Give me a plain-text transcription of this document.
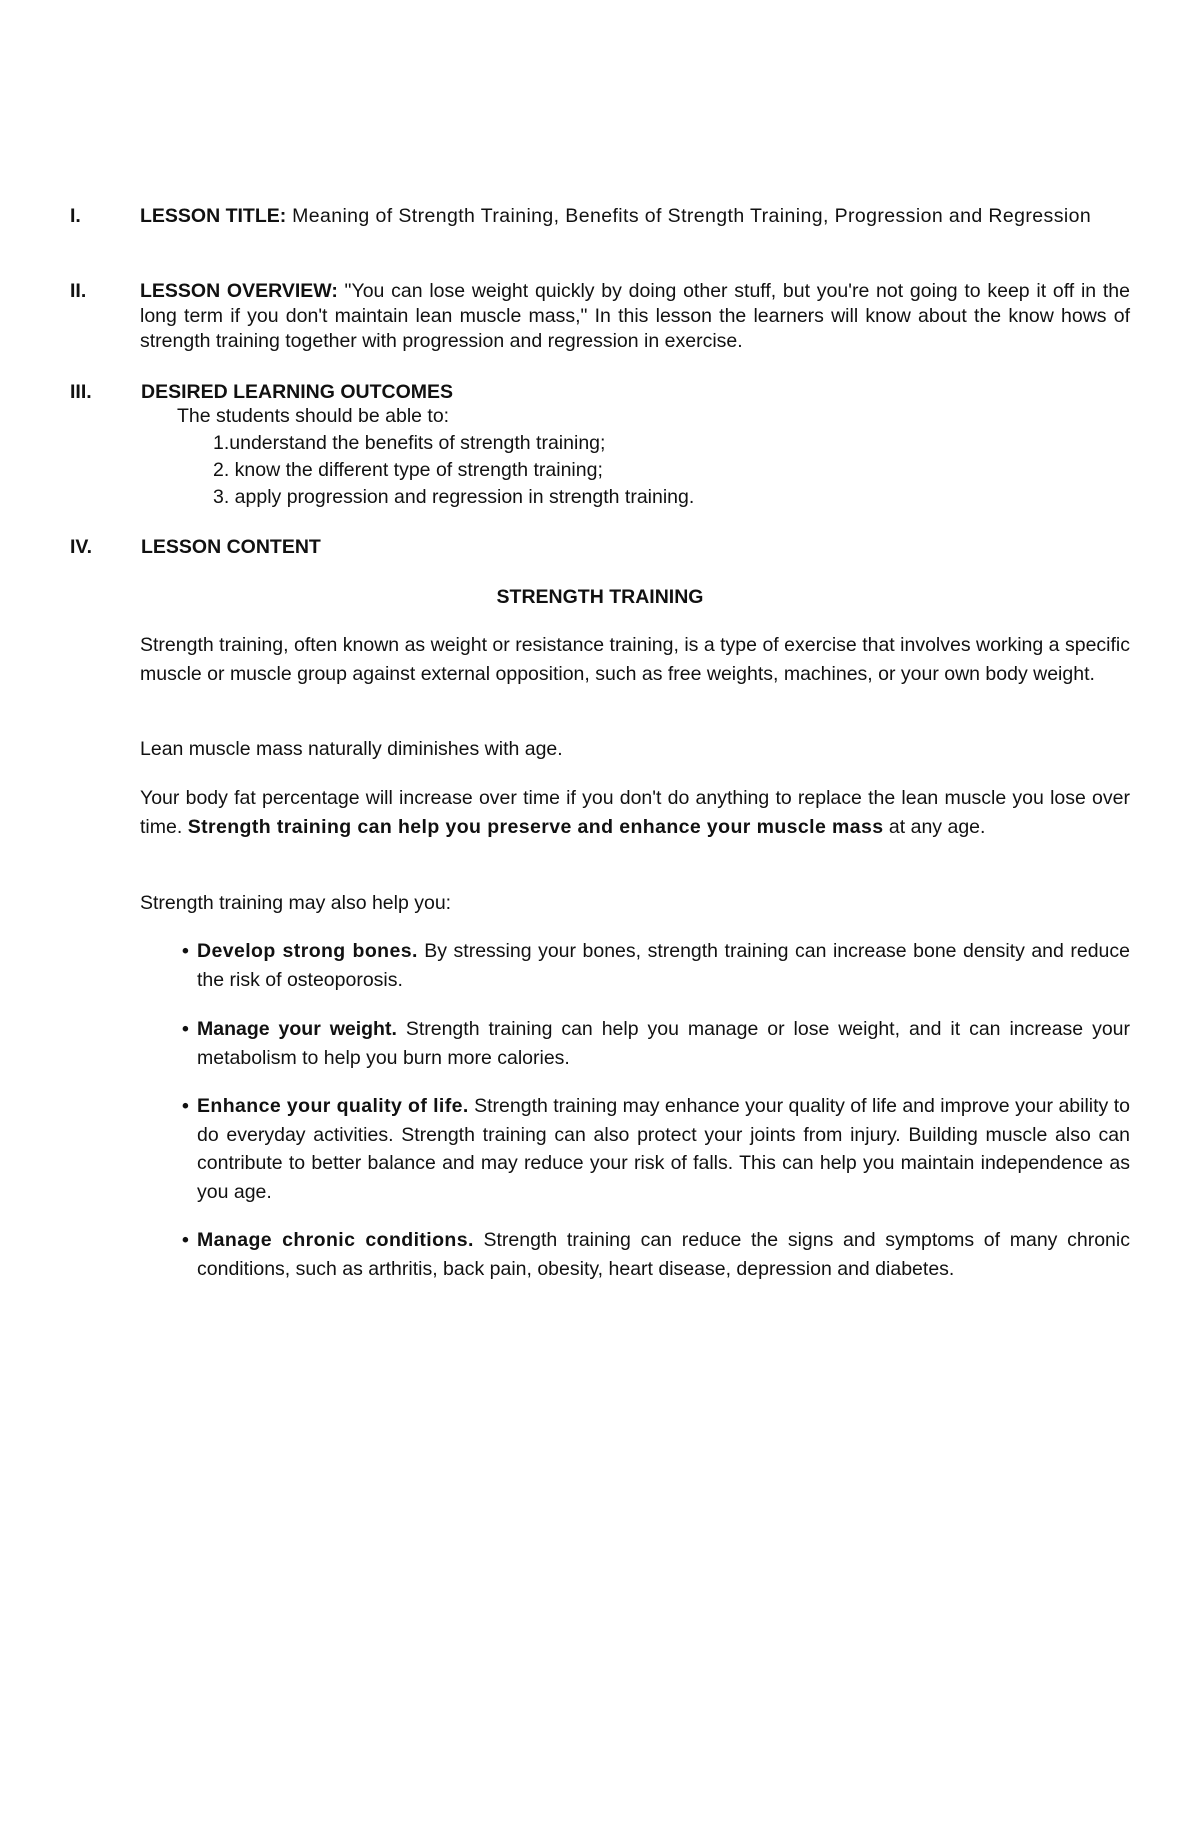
I.	LESSON TITLE: Meaning of Strength Training, Benefits of Strength Training, Progression and Regression
II.	LESSON OVERVIEW: "You can lose weight quickly by doing other stuff, but you're not going to keep it off in the long term if you don't maintain lean muscle mass," In this lesson the learners will know about the know hows of strength training together with progression and regression in exercise.
III.	DESIRED LEARNING OUTCOMES
The students should be able to:
1.understand the benefits of strength training;
2. know the different type of strength training;
3. apply progression and regression in strength training.
IV.	LESSON CONTENT
STRENGTH TRAINING
Strength training, often known as weight or resistance training, is a type of exercise that involves working a specific muscle or muscle group against external opposition, such as free weights, machines, or your own body weight.
Lean muscle mass naturally diminishes with age.
Your body fat percentage will increase over time if you don't do anything to replace the lean muscle you lose over time. Strength training can help you preserve and enhance your muscle mass at any age.
Strength training may also help you:
• Develop strong bones. By stressing your bones, strength training can increase bone density and reduce the risk of osteoporosis.
• Manage your weight. Strength training can help you manage or lose weight, and it can increase your metabolism to help you burn more calories.
• Enhance your quality of life. Strength training may enhance your quality of life and improve your ability to do everyday activities. Strength training can also protect your joints from injury. Building muscle also can contribute to better balance and may reduce your risk of falls. This can help you maintain independence as you age.
• Manage chronic conditions. Strength training can reduce the signs and symptoms of many chronic conditions, such as arthritis, back pain, obesity, heart disease, depression and diabetes.
